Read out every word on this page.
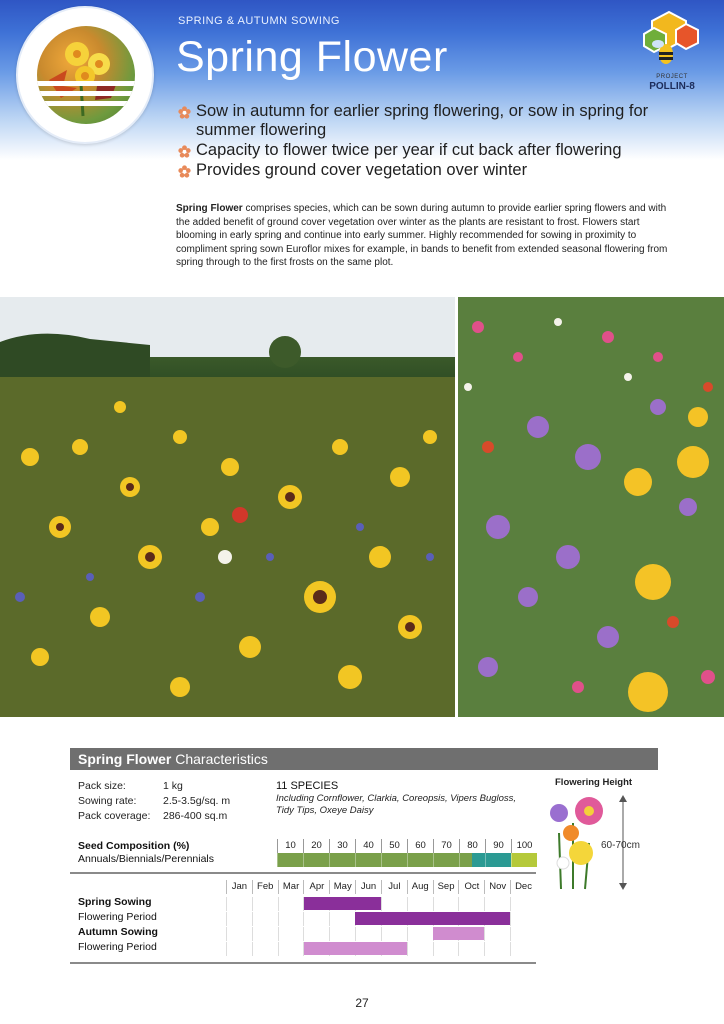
SPRING & AUTUMN SOWING
Spring Flower	PROJECT
POLLIN-8
Sow in autumn for earlier spring flowering, or sow in spring for summer flowering
Capacity to flower twice per year if cut back after flowering
Provides ground cover vegetation over winter

Spring Flower comprises species, which can be sown during autumn to provide earlier spring flowers and with the added benefit of ground cover vegetation over winter as the plants are resistant to frost. Flowers start blooming in early spring and continue into early summer. Highly recommended for sowing in proximity to compliment spring sown Euroflor mixes for example, in bands to benefit from extended seasonal flowering from spring through to the first frosts on the same plot.

Spring Flower Characteristics
Pack size:	1 kg
Sowing rate:	2.5-3.5g/sq. m
Pack coverage: 286-400 sq.m
11 SPECIES
Including Cornflower, Clarkia, Coreopsis, Vipers Bugloss, Tidy Tips, Oxeye Daisy
Flowering Height
60-70cm
Seed Composition (%)
Annuals/Biennials/Perennials
10	20	30	40	50	60	70	80	90	100
Jan	Feb Mar	Apr May Jun	Jul	Aug Sep	Oct	Nov Dec
Spring Sowing
Flowering Period
Autumn Sowing
Flowering Period
27
